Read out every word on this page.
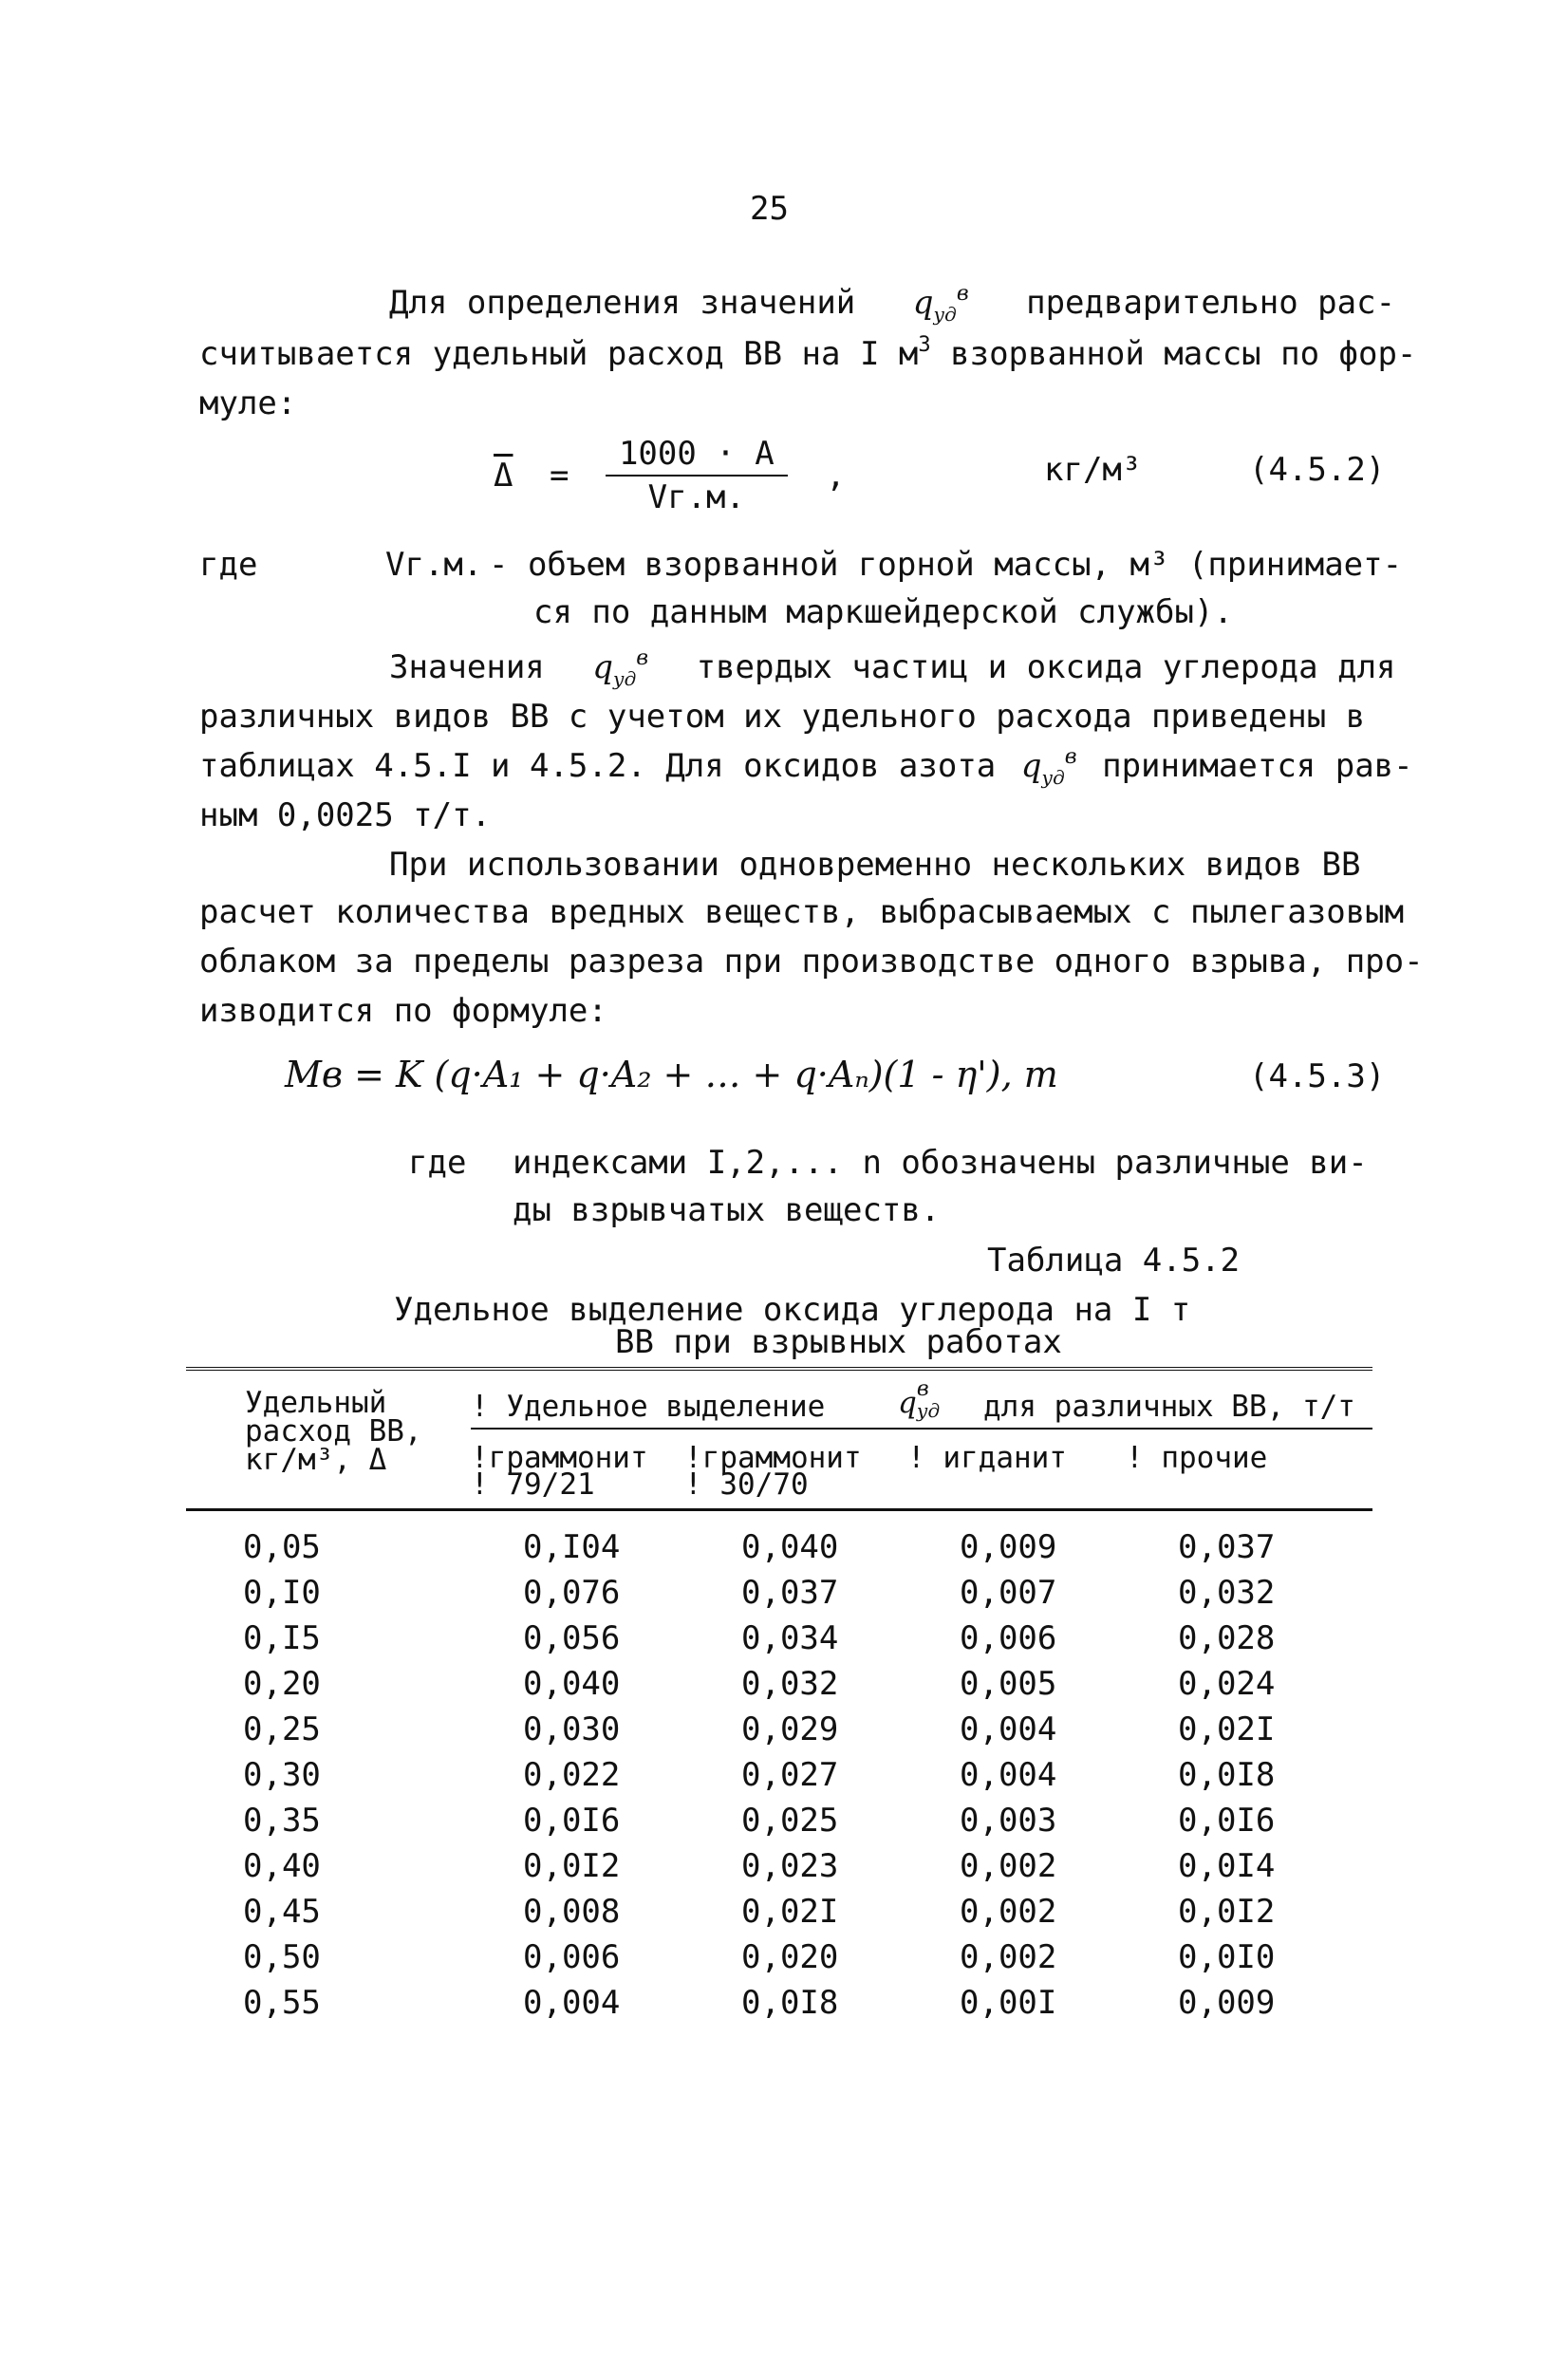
25
Для определения значений $q_{уд}^в$ предварительно рас-
считывается удельный расход ВВ на I $м^3$ взорванной массы по фор-
муле:
$\overline{\Delta} = \frac{1000 \cdot A}{Vг.м.}$ ,	кг/м³	(4.5.2)
где	Vг.м. - объем взорванной горной массы, м³ (принимает-
ся по данным маркшейдерской службы).
Значения $q_{уд}^в$ твердых частиц и оксида углерода для
различных видов ВВ с учетом их удельного расхода приведены в
таблицах 4.5.I и 4.5.2. Для оксидов азота $q_{уд}^в$ принимается рав-
ным 0,0025 т/т.
При использовании одновременно нескольких видов ВВ
расчет количества вредных веществ, выбрасываемых с пылегазовым
облаком за пределы разреза при производстве одного взрыва, про-
изводится по формуле:
Mв = K (q·A₁ + q·A₂ + … + q·Aₙ)(1 - η'), т	(4.5.3)
где индексами I,2,... n обозначены различные ви-
ды взрывчатых веществ.
Таблица 4.5.2
Удельное выделение оксида углерода на I т
ВВ при взрывных работах
Удельный
расход ВВ,
кг/м³, Δ
! Удельное выделение q уд
в
для различных ВВ, т/т
!граммонит
! 79/21
!граммонит
! 30/70
! игданит ! прочие
0,05	0,I04	0,040	0,009	0,037
0,I0	0,076	0,037	0,007	0,032
0,I5	0,056	0,034	0,006	0,028
0,20	0,040	0,032	0,005	0,024
0,25	0,030	0,029	0,004	0,02I
0,30	0,022	0,027	0,004	0,0I8
0,35	0,0I6	0,025	0,003	0,0I6
0,40	0,0I2	0,023	0,002	0,0I4
0,45	0,008	0,02I	0,002	0,0I2
0,50	0,006	0,020	0,002	0,0I0
0,55	0,004	0,0I8	0,00I	0,009
